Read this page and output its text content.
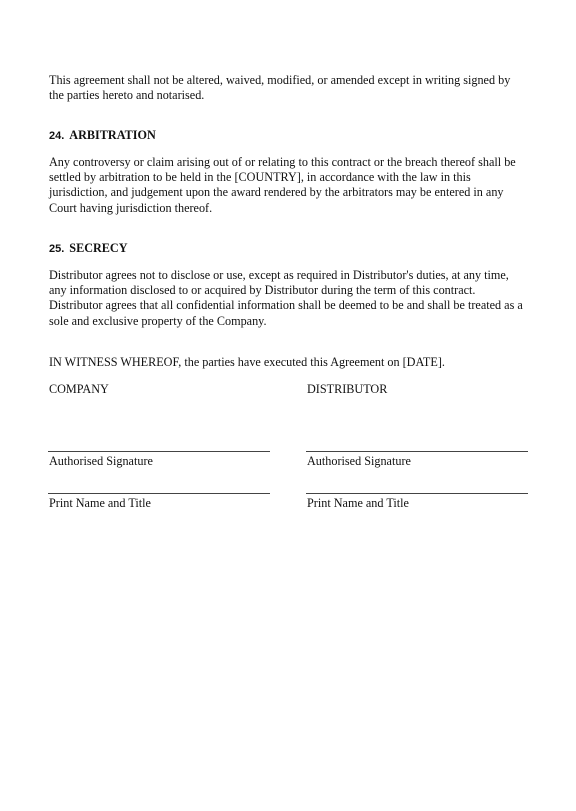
This agreement shall not be altered, waived, modified, or amended except in writing signed by
the parties hereto and notarised.

24. ARBITRATION

Any controversy or claim arising out of or relating to this contract or the breach thereof shall be
settled by arbitration to be held in the [COUNTRY], in accordance with the law in this
jurisdiction, and judgement upon the award rendered by the arbitrators may be entered in any
Court having jurisdiction thereof.

25. SECRECY

Distributor agrees not to disclose or use, except as required in Distributor's duties, at any time,
any information disclosed to or acquired by Distributor during the term of this contract.
Distributor agrees that all confidential information shall be deemed to be and shall be treated as a
sole and exclusive property of the Company.

IN WITNESS WHEREOF, the parties have executed this Agreement on [DATE].

COMPANY	DISTRIBUTOR
Authorised Signature	Authorised Signature
Print Name and Title	Print Name and Title
